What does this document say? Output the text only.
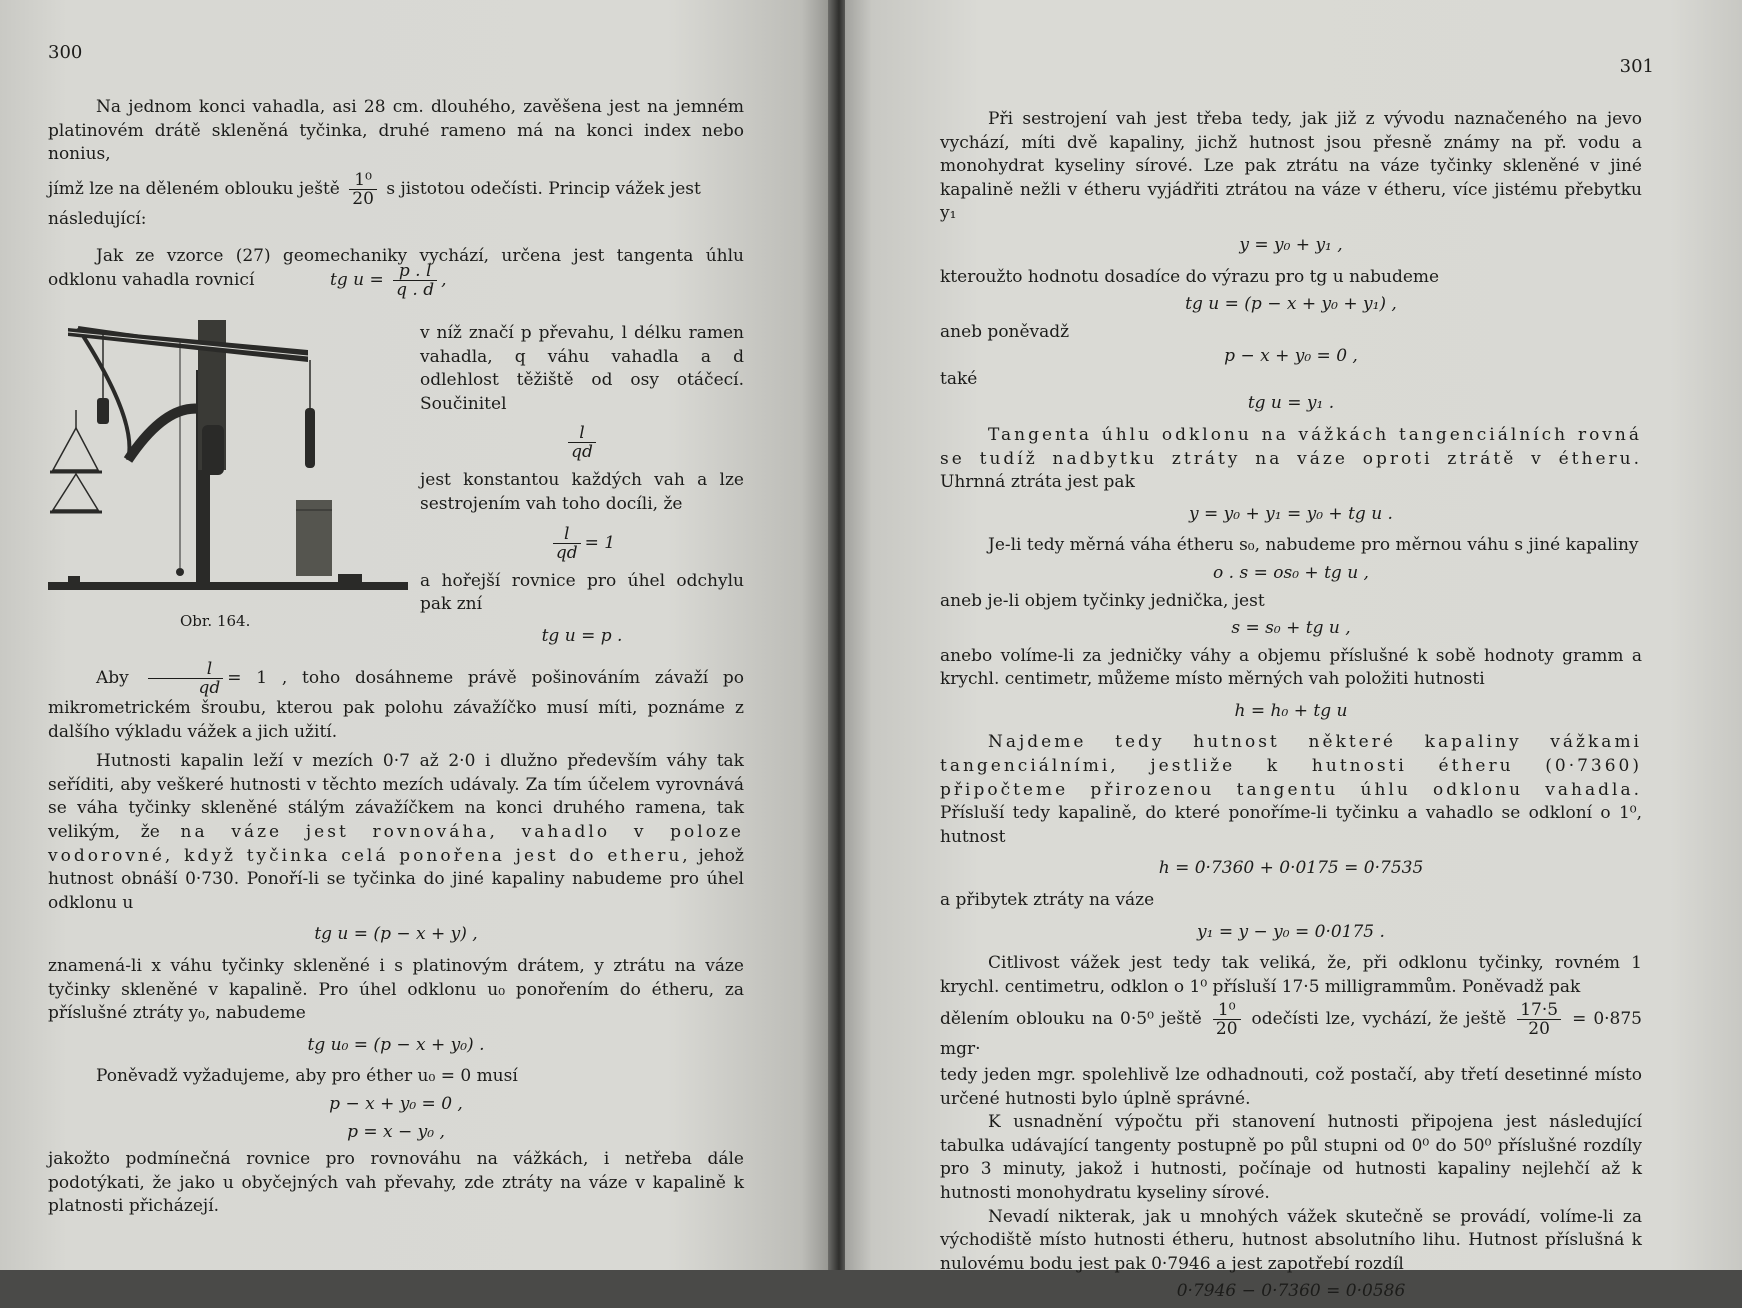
300

Na jednom konci vahadla, asi 28 cm. dlouhého, zavěšena jest na jemném platinovém drátě skleněná tyčinka, druhé rameno má na konci index nebo nonius,

jímž lze na děleném oblouku ještě $\frac{\text{1⁰}}{20}$ s jistotou odečísti. Princip vážek jest

následující:

Jak ze vzorce (27) geomechaniky vychází, určena jest tangenta úhlu odklonu vahadla rovnicí	tg $u = \frac{p . l}{q . d}$ ,
Obr. 164.

v níž značí p převahu, l délku ramen vahadla, q váhu vahadla a d odlehlost těžiště od osy otáčecí. Součinitel

$\frac{l}{qd}$

jest konstantou každých vah a lze sestrojením vah toho docíli, že

$\frac{l}{qd} = 1$

a hořejší rovnice pro úhel odchylu pak zní

tg u = p .

Aby $\frac{l}{qd} = 1$ , toho dosáhneme právě pošinováním závaží po mikrometrickém šroubu, kterou pak polohu závažíčko musí míti, poznáme z dalšího výkladu vážek a jich užití.

Hutnosti kapalin leží v mezích 0·7 až 2·0 i dlužno především váhy tak seříditi, aby veškeré hutnosti v těchto mezích udávaly. Za tím účelem vyrovnává se váha tyčinky skleněné stálým závažíčkem na konci druhého ramena, tak velikým, že na váze jest rovnováha, vahadlo v poloze vodorovné, když tyčinka celá ponořena jest do etheru, jehož hutnost obnáší 0·730. Ponoří-li se tyčinka do jiné kapaliny nabudeme pro úhel odklonu u

tg u = (p − x + y) ,

znamená-li x váhu tyčinky skleněné i s platinovým drátem, y ztrátu na váze tyčinky skleněné v kapalině. Pro úhel odklonu u₀ ponořením do étheru, za příslušné ztráty y₀, nabudeme

tg u₀ = (p − x + y₀) .

Poněvadž vyžadujeme, aby pro éther u₀ = 0 musí

p − x + y₀ = 0 ,
p = x − y₀ ,

jakožto podmínečná rovnice pro rovnováhu na vážkách, i netřeba dále podotýkati, že jako u obyčejných vah převahy, zde ztráty na váze v kapalině k platnosti přicházejí.

301

Při sestrojení vah jest třeba tedy, jak již z vývodu naznačeného na jevo vychází, míti dvě kapaliny, jichž hutnost jsou přesně známy na př. vodu a monohydrat kyseliny sírové. Lze pak ztrátu na váze tyčinky skleněné v jiné kapalině nežli v étheru vyjádřiti ztrátou na váze v étheru, více jistému přebytku y₁

y = y₀ + y₁ ,

kteroužto hodnotu dosadíce do výrazu pro tg u nabudeme

tg u = (p − x + y₀ + y₁) ,
aneb poněvadž
p − x + y₀ = 0 ,
také
tg u = y₁ .

Tangenta úhlu odklonu na vážkách tangenciálních rovná se tudíž nadbytku ztráty na váze oproti ztrátě v étheru. Uhrnná ztráta jest pak

y = y₀ + y₁ = y₀ + tg u .

Je-li tedy měrná váha étheru s₀, nabudeme pro měrnou váhu s jiné kapaliny

o . s = os₀ + tg u ,

aneb je-li objem tyčinky jednička, jest

s = s₀ + tg u ,

anebo volíme-li za jedničky váhy a objemu příslušné k sobě hodnoty gramm a krychl. centimetr, můžeme místo měrných vah položiti hutnosti

h = h₀ + tg u

Najdeme tedy hutnost některé kapaliny vážkami tangenciálními, jestliže k hutnosti étheru (0·7360) připočteme přirozenou tangentu úhlu odklonu vahadla. Přísluší tedy kapalině, do které ponoříme-li tyčinku a vahadlo se odkloní o 1⁰, hutnost

h = 0·7360 + 0·0175 = 0·7535

a přibytek ztráty na váze

y₁ = y − y₀ = 0·0175 .

Citlivost vážek jest tedy tak veliká, že, při odklonu tyčinky, rovném 1 krychl. centimetru, odklon o 1⁰ přísluší 17·5 milligrammům. Poněvadž pak

dělením oblouku na 0·5⁰ ještě $\frac{\text{1⁰}}{20}$ odečísti lze, vychází, že ještě $\frac{17\cdot 5}{20} = 0\cdot 875$ mgr·

tedy jeden mgr. spolehlivě lze odhadnouti, což postačí, aby třetí desetinné místo určené hutnosti bylo úplně správné.

K usnadnění výpočtu při stanovení hutnosti připojena jest následující tabulka udávající tangenty postupně po půl stupni od 0⁰ do 50⁰ příslušné rozdíly pro 3 minuty, jakož i hutnosti, počínaje od hutnosti kapaliny nejlehčí až k hutnosti monohydratu kyseliny sírové.

Nevadí nikterak, jak u mnohých vážek skutečně se provádí, volíme-li za východiště místo hutnosti étheru, hutnost absolutního lihu. Hutnost příslušná k nulovému bodu jest pak 0·7946 a jest zapotřebí rozdíl

0·7946 − 0·7360 = 0·0586
